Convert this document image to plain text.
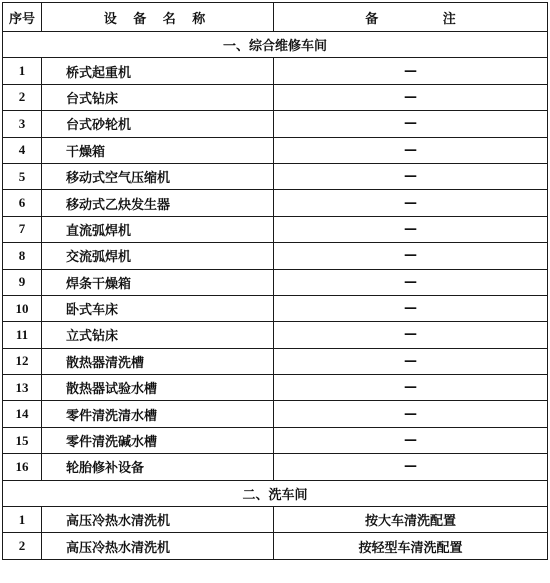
序号	设 备 名 称	备 注
一、综合维修车间		
1	桥式起重机	—
2	台式钻床	—
3	台式砂轮机	—
4	干燥箱	—
5	移动式空气压缩机	—
6	移动式乙炔发生器	—
7	直流弧焊机	—
8	交流弧焊机	—
9	焊条干燥箱	—
10	卧式车床	—
11	立式钻床	—
12	散热器清洗槽	—
13	散热器试验水槽	—
14	零件清洗清水槽	—
15	零件清洗碱水槽	—
16	轮胎修补设备	—
二、洗车间		
1	高压冷热水清洗机	按大车清洗配置
2	高压冷热水清洗机	按轻型车清洗配置
